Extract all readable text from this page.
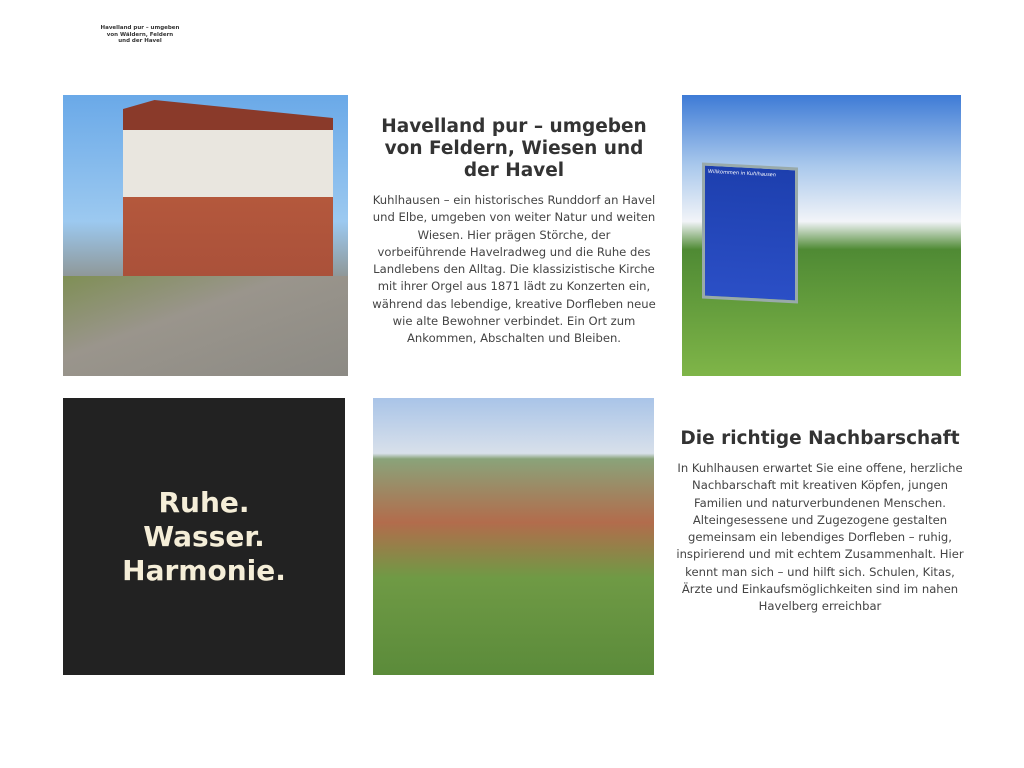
Havelland pur – umgeben von Wäldern, Feldern und der Havel
Havelland pur – umgeben von Feldern, Wiesen und der Havel

Kuhlhausen – ein historisches Runddorf an Havel und Elbe, umgeben von weiter Natur und weiten Wiesen. Hier prägen Störche, der vorbeiführende Havelradweg und die Ruhe des Landlebens den Alltag. Die klassizistische Kirche mit ihrer Orgel aus 1871 lädt zu Konzerten ein, während das lebendige, kreative Dorfleben neue wie alte Bewohner verbindet. Ein Ort zum Ankommen, Abschalten und Bleiben.

Willkommen in Kuhlhausen
Ruhe.
Wasser.
Harmonie.
Die richtige Nachbarschaft

In Kuhlhausen erwartet Sie eine offene, herzliche Nachbarschaft mit kreativen Köpfen, jungen Familien und naturverbundenen Menschen. Alteingesessene und Zugezogene gestalten gemeinsam ein lebendiges Dorfleben – ruhig, inspirierend und mit echtem Zusammenhalt. Hier kennt man sich – und hilft sich. Schulen, Kitas, Ärzte und Einkaufsmöglichkeiten sind im nahen Havelberg erreichbar
